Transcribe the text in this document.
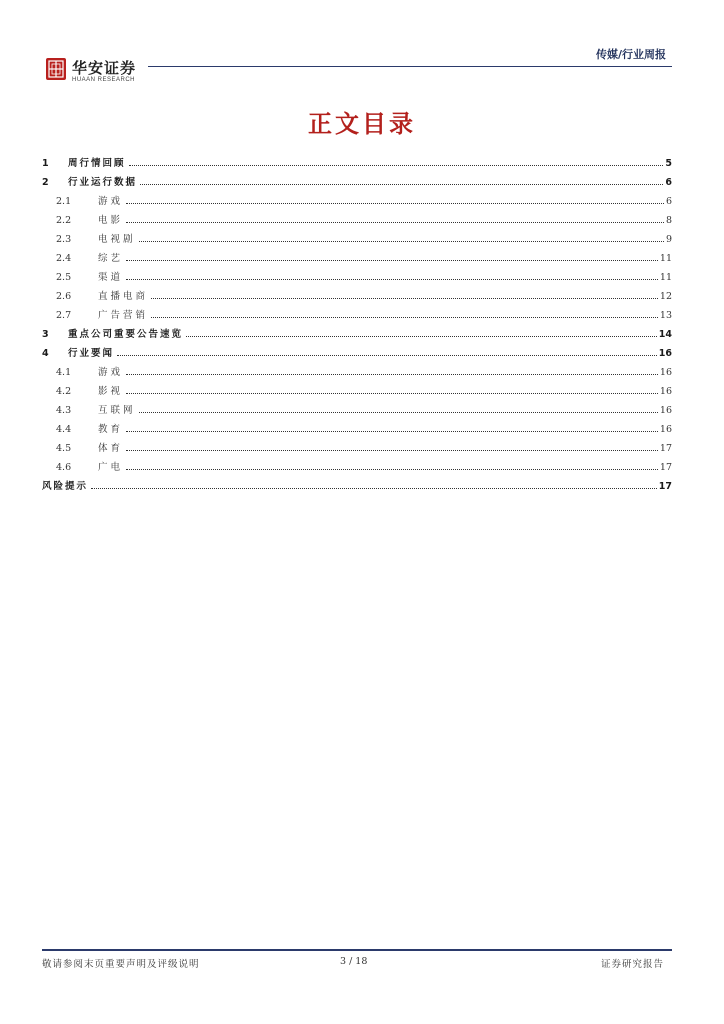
华安证券
HUAAN RESEARCH
传媒/行业周报
正文目录
1	周行情回顾	5
2	行业运行数据	6
2.1	游戏	6
2.2	电影	8
2.3	电视剧	9
2.4	综艺	11
2.5	渠道	11
2.6	直播电商	12
2.7	广告营销	13
3	重点公司重要公告速览	14
4	行业要闻	16
4.1	游戏	16
4.2	影视	16
4.3	互联网	16
4.4	教育	16
4.5	体育	17
4.6	广电	17
风险提示	17
敬请参阅末页重要声明及评级说明	3 / 18	证券研究报告
